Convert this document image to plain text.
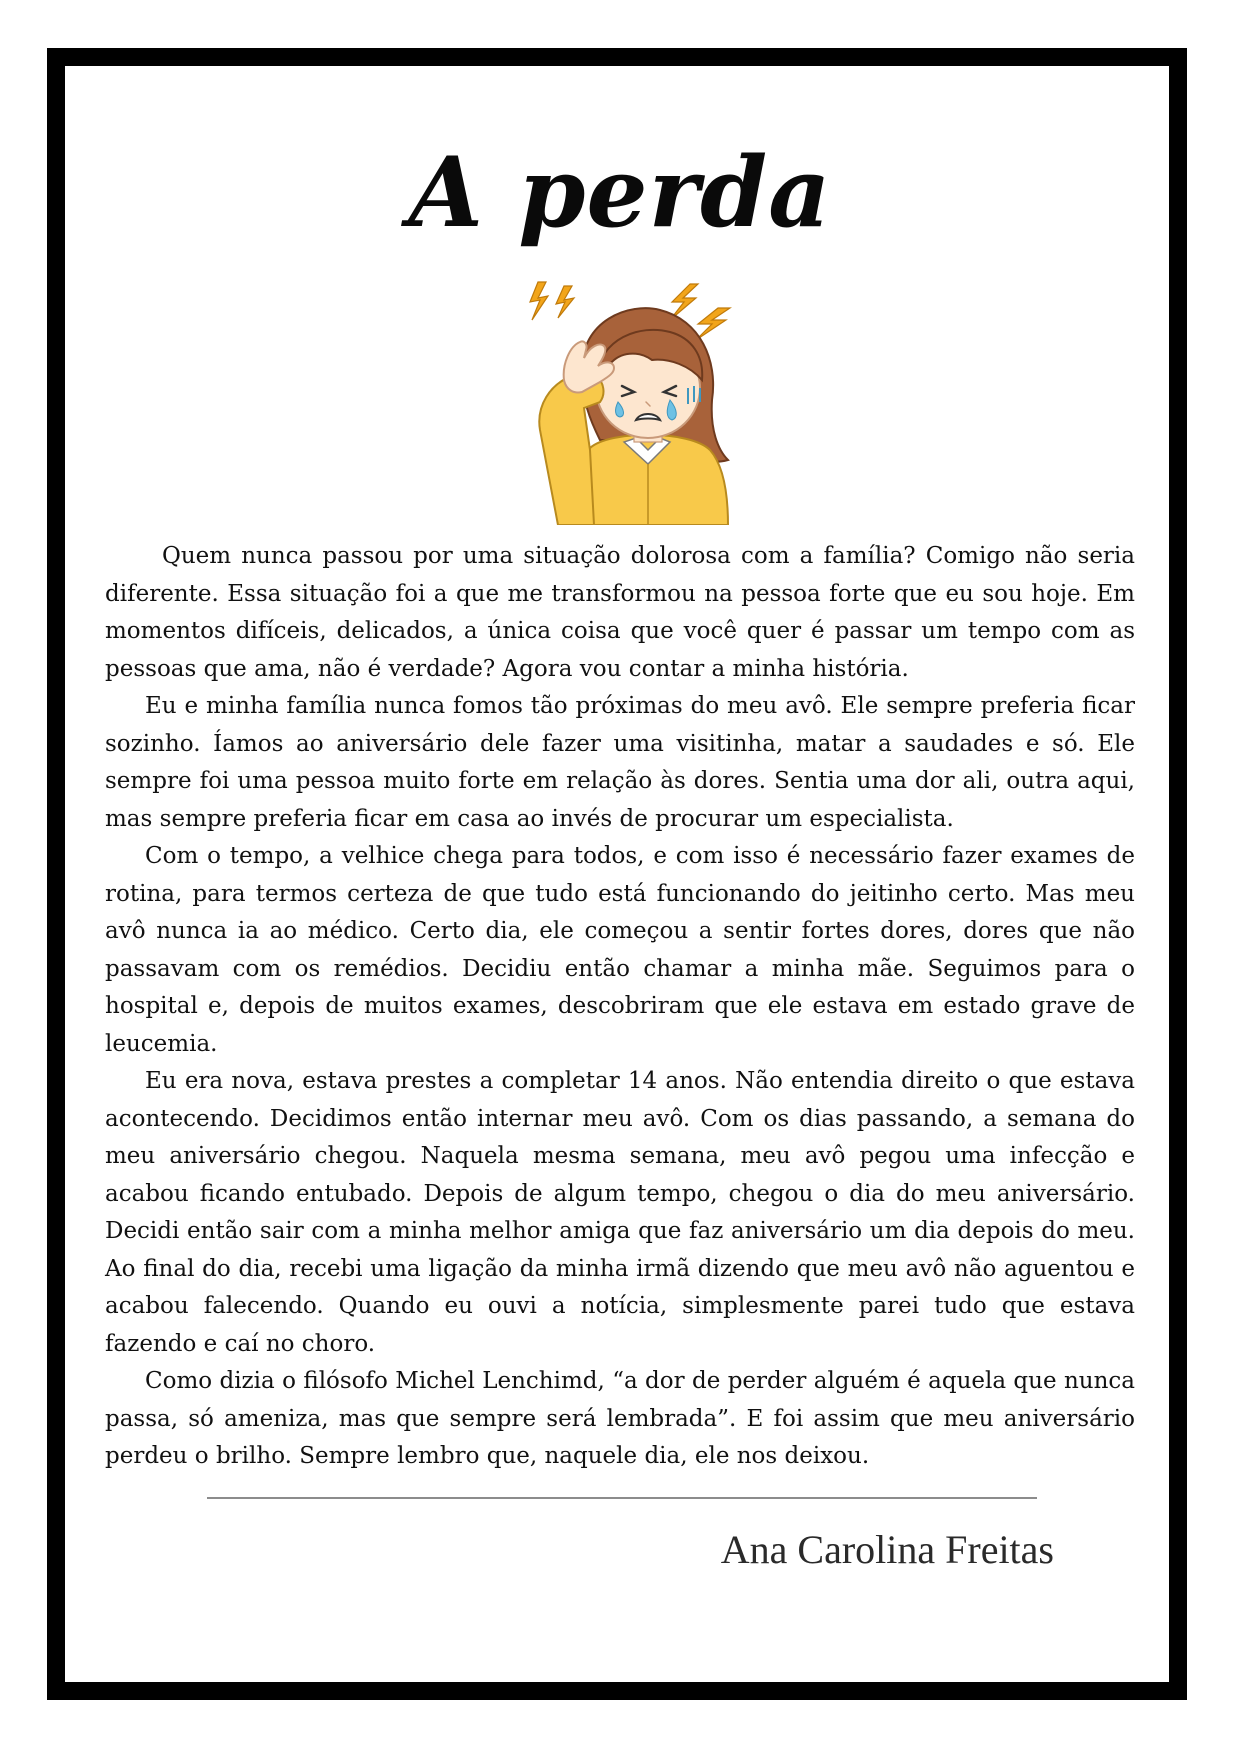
A perda

Quem nunca passou por uma situação dolorosa com a família? Comigo não seria diferente. Essa situação foi a que me transformou na pessoa forte que eu sou hoje. Em momentos difíceis, delicados, a única coisa que você quer é passar um tempo com as pessoas que ama, não é verdade? Agora vou contar a minha história.

Eu e minha família nunca fomos tão próximas do meu avô. Ele sempre preferia ficar sozinho. Íamos ao aniversário dele fazer uma visitinha, matar a saudades e só. Ele sempre foi uma pessoa muito forte em relação às dores. Sentia uma dor ali, outra aqui, mas sempre preferia ficar em casa ao invés de procurar um especialista.

Com o tempo, a velhice chega para todos, e com isso é necessário fazer exames de rotina, para termos certeza de que tudo está funcionando do jeitinho certo. Mas meu avô nunca ia ao médico. Certo dia, ele começou a sentir fortes dores, dores que não passavam com os remédios. Decidiu então chamar a minha mãe. Seguimos para o hospital e, depois de muitos exames, descobriram que ele estava em estado grave de leucemia.

Eu era nova, estava prestes a completar 14 anos. Não entendia direito o que estava acontecendo. Decidimos então internar meu avô. Com os dias passando, a semana do meu aniversário chegou. Naquela mesma semana, meu avô pegou uma infecção e acabou ficando entubado. Depois de algum tempo, chegou o dia do meu aniversário. Decidi então sair com a minha melhor amiga que faz aniversário um dia depois do meu. Ao final do dia, recebi uma ligação da minha irmã dizendo que meu avô não aguentou e acabou falecendo. Quando eu ouvi a notícia, simplesmente parei tudo que estava fazendo e caí no choro.

Como dizia o filósofo Michel Lenchimd, “a dor de perder alguém é aquela que nunca passa, só ameniza, mas que sempre será lembrada”. E foi assim que meu aniversário perdeu o brilho. Sempre lembro que, naquele dia, ele nos deixou.

Ana Carolina Freitas
